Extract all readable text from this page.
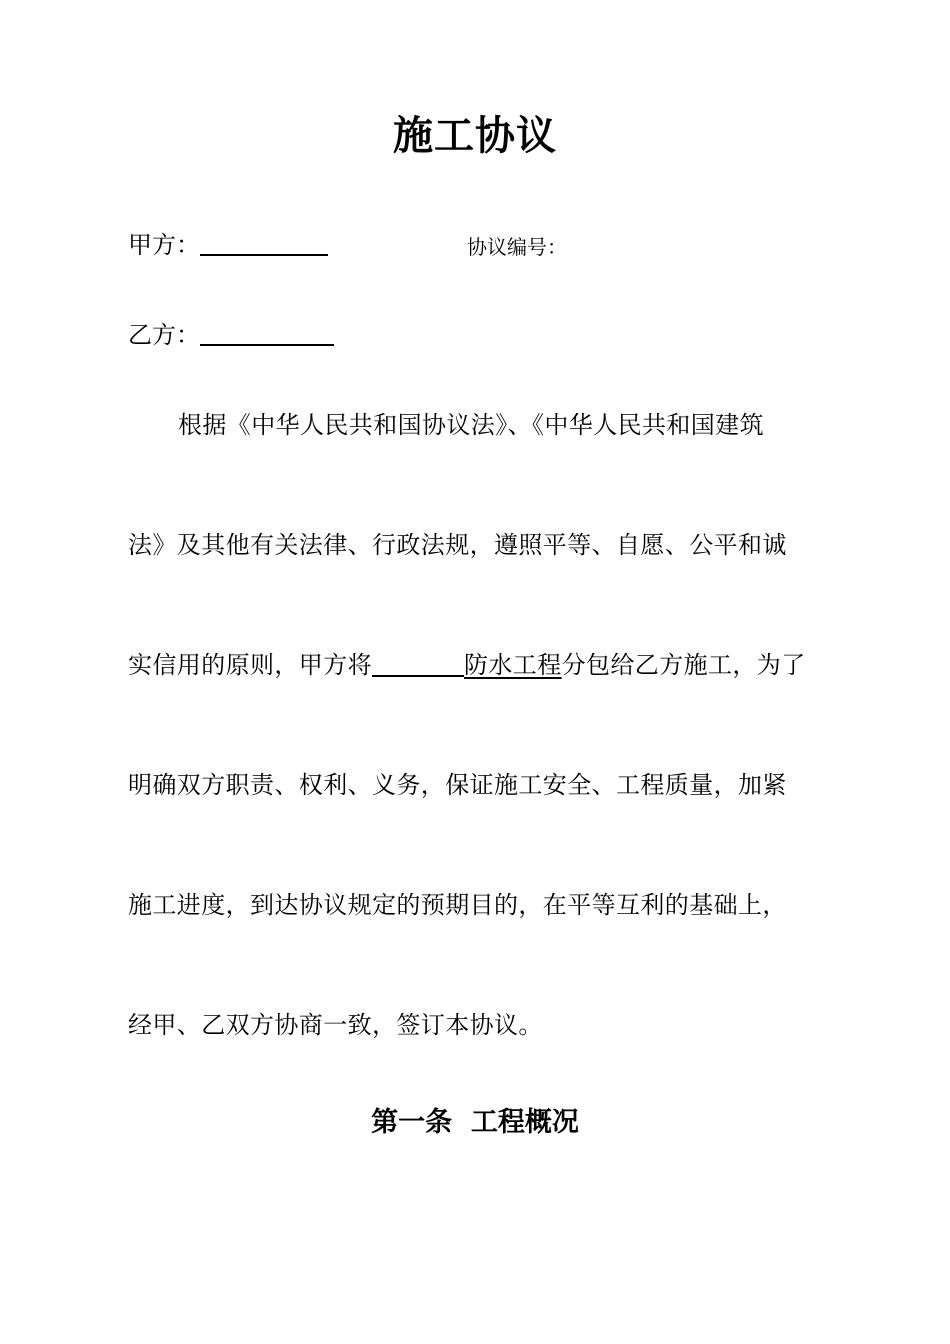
施工协议
甲方：	协议编号：
乙方：
根据《中华人民共和国协议法》、《中华人民共和国建筑
法》及其他有关法律、行政法规，遵照平等、自愿、公平和诚
实信用的原则，甲方将	防水工程分包给乙方施工，为了
明确双方职责、权利、义务，保证施工安全、工程质量，加紧
施工进度，到达协议规定的预期目的，在平等互利的基础上，
经甲、乙双方协商一致，签订本协议。
第一条  工程概况
